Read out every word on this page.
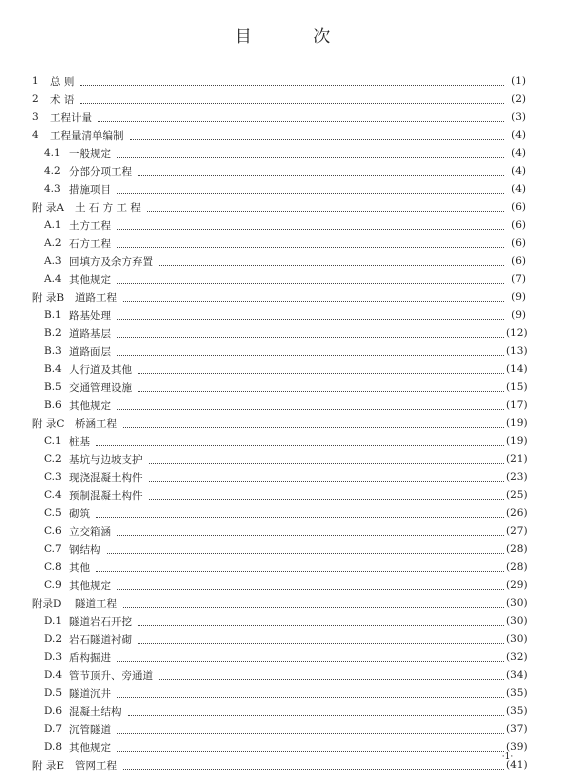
目 次
1 总 则	(1)
2 术 语	(2)
3 工程计量	(3)
4 工程量清单编制	(4)
4.1 一般规定	(4)
4.2 分部分项工程	(4)
4.3 措施项目	(4)
附 录A 土 石 方 工 程	(6)
A.1 土方工程	(6)
A.2 石方工程	(6)
A.3 回填方及余方弃置	(6)
A.4 其他规定	(7)
附 录B 道路工程	(9)
B.1 路基处理	(9)
B.2 道路基层	(12)
B.3 道路面层	(13)
B.4 人行道及其他	(14)
B.5 交通管理设施	(15)
B.6 其他规定	(17)
附 录C 桥涵工程	(19)
C.1 桩基	(19)
C.2 基坑与边坡支护	(21)
C.3 现浇混凝土构件	(23)
C.4 预制混凝土构件	(25)
C.5 砌筑	(26)
C.6 立交箱涵	(27)
C.7 钢结构	(28)
C.8 其他	(28)
C.9 其他规定	(29)
附录D 隧道工程	(30)
D.1 隧道岩石开挖	(30)
D.2 岩石隧道衬砌	(30)
D.3 盾构掘进	(32)
D.4 管节顶升、旁通道	(34)
D.5 隧道沉井	(35)
D.6 混凝土结构	(35)
D.7 沉管隧道	(37)
D.8 其他规定	(39)
附 录E 管网工程	(41)
·1·
